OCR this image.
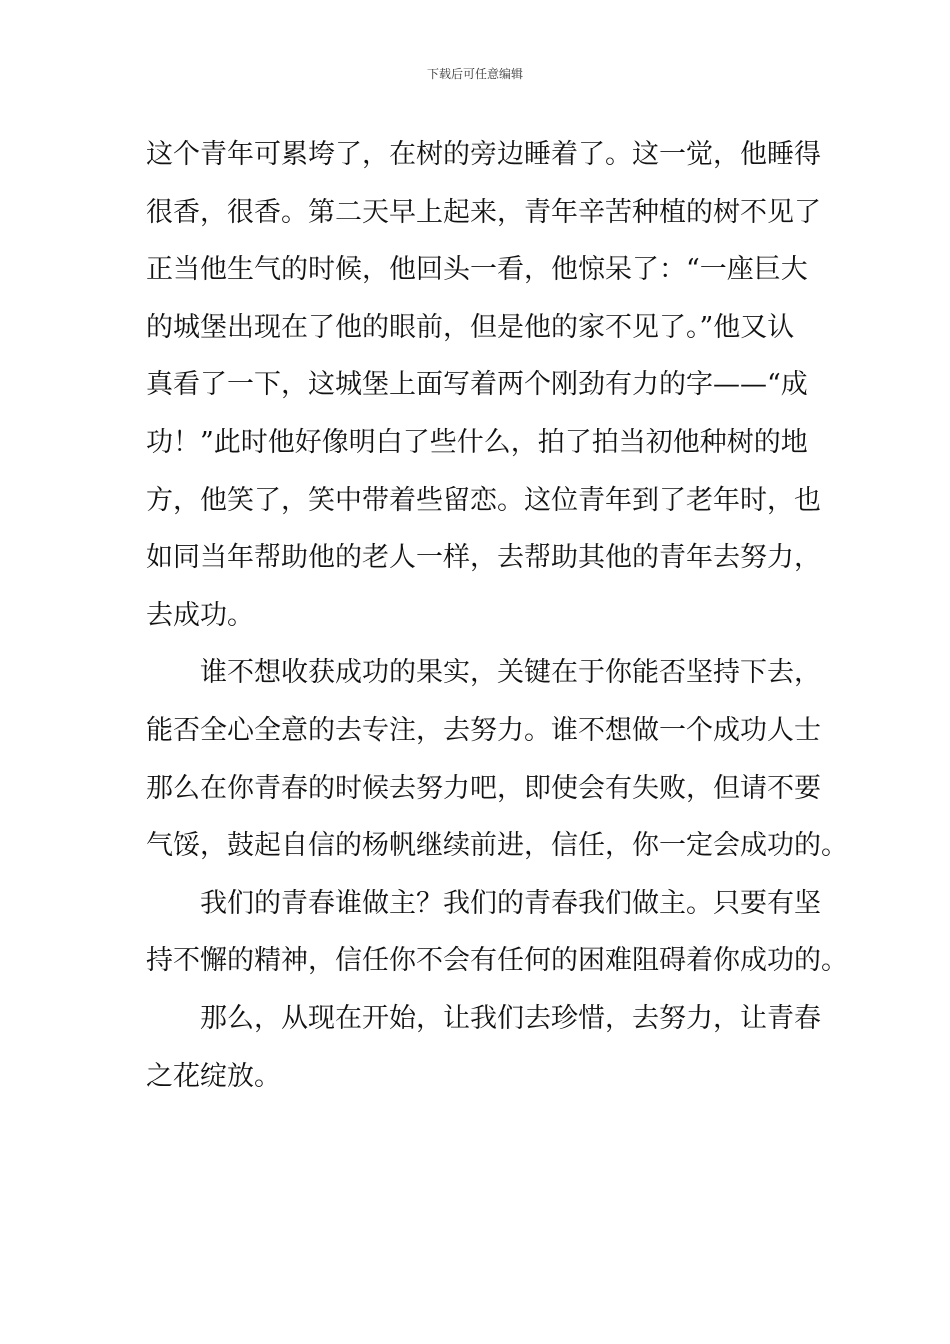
下载后可任意编辑
这个青年可累垮了，在树的旁边睡着了。这一觉，他睡得
很香，很香。第二天早上起来，青年辛苦种植的树不见了
正当他生气的时候，他回头一看，他惊呆了：“一座巨大
的城堡出现在了他的眼前，但是他的家不见了。”他又认
真看了一下，这城堡上面写着两个刚劲有力的字——“成
功！”此时他好像明白了些什么，拍了拍当初他种树的地
方，他笑了，笑中带着些留恋。这位青年到了老年时，也
如同当年帮助他的老人一样，去帮助其他的青年去努力，
去成功。
谁不想收获成功的果实，关键在于你能否坚持下去，
能否全心全意的去专注，去努力。谁不想做一个成功人士
那么在你青春的时候去努力吧，即使会有失败，但请不要
气馁，鼓起自信的杨帆继续前进，信任，你一定会成功的。
我们的青春谁做主？我们的青春我们做主。只要有坚
持不懈的精神，信任你不会有任何的困难阻碍着你成功的。
那么，从现在开始，让我们去珍惜，去努力，让青春
之花绽放。
